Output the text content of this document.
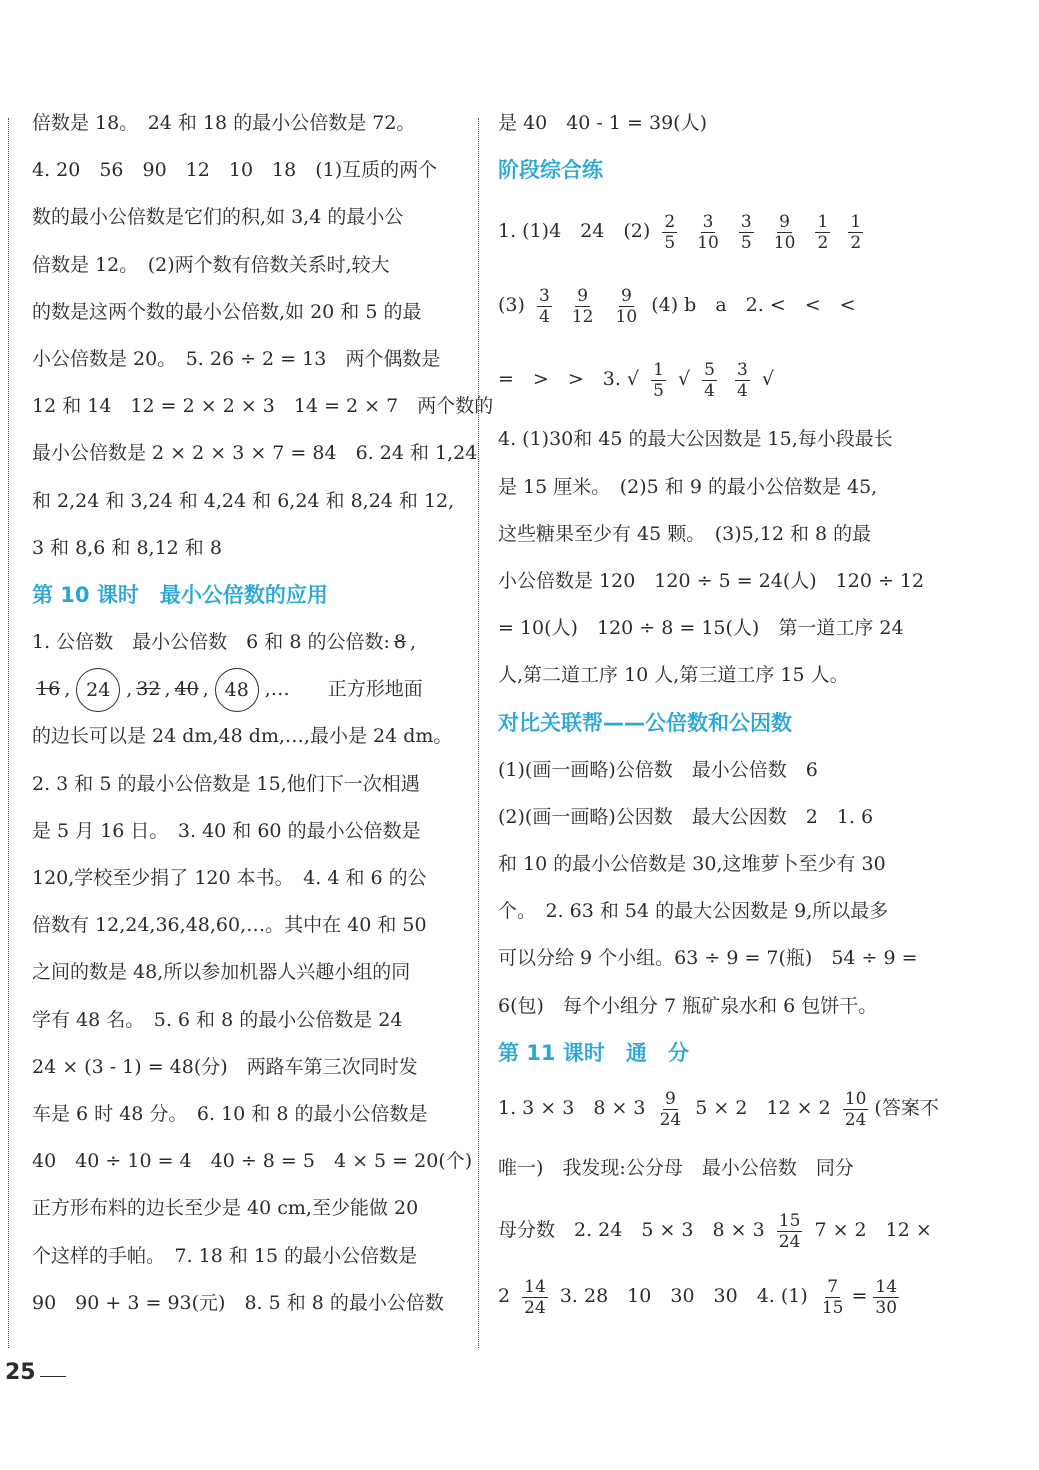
倍数是 18。　24 和 18 的最小公倍数是 72。
4. 20　56　90　12　10　18　(1)互质的两个
数的最小公倍数是它们的积,如 3,4 的最小公
倍数是 12。　(2)两个数有倍数关系时,较大
的数是这两个数的最小公倍数,如 20 和 5 的最
小公倍数是 20。　5. 26 ÷ 2 = 13　两个偶数是
12 和 14　12 = 2 × 2 × 3　14 = 2 × 7　两个数的
最小公倍数是 2 × 2 × 3 × 7 = 84　6. 24 和 1,24
和 2,24 和 3,24 和 4,24 和 6,24 和 8,24 和 12,
3 和 8,6 和 8,12 和 8
第 10 课时　最小公倍数的应用
1. 公倍数　最小公倍数　6 和 8 的公倍数: 8 ,
16 , 24 , 32 , 40 , 48 ,…　　正方形地面
的边长可以是 24 dm,48 dm,…,最小是 24 dm。
2. 3 和 5 的最小公倍数是 15,他们下一次相遇
是 5 月 16 日。　3. 40 和 60 的最小公倍数是
120,学校至少捐了 120 本书。　4. 4 和 6 的公
倍数有 12,24,36,48,60,…。其中在 40 和 50
之间的数是 48,所以参加机器人兴趣小组的同
学有 48 名。　5. 6 和 8 的最小公倍数是 24
24 × (3 - 1) = 48(分)　两路车第三次同时发
车是 6 时 48 分。　6. 10 和 8 的最小公倍数是
40　40 ÷ 10 = 4　40 ÷ 8 = 5　4 × 5 = 20(个)
正方形布料的边长至少是 40 cm,至少能做 20
个这样的手帕。　7. 18 和 15 的最小公倍数是
90　90 + 3 = 93(元)　8. 5 和 8 的最小公倍数
是 40　40 - 1 = 39(人)
阶段综合练
1. (1)4　24　$(2) \frac{2}{5}$
$\frac{3}{10}$
$\frac{3}{5}$
$\frac{9}{10}$
$\frac{1}{2}$
$\frac{1}{2}$
$(3) \frac{3}{4}$
$\frac{9}{12}$
$\frac{9}{10} (4)$ b　a　2. <　<　<
=　>　>　3. √ $\frac{1}{5}$ √ $\frac{5}{4}$
$\frac{3}{4}$ √
4. (1)30和 45 的最大公因数是 15,每小段最长
是 15 厘米。　(2)5 和 9 的最小公倍数是 45,
这些糖果至少有 45 颗。　(3)5,12 和 8 的最
小公倍数是 120　120 ÷ 5 = 24(人)　120 ÷ 12
= 10(人)　120 ÷ 8 = 15(人)　第一道工序 24
人,第二道工序 10 人,第三道工序 15 人。
对比关联帮——公倍数和公因数
(1)(画一画略)公倍数　最小公倍数　6
(2)(画一画略)公因数　最大公因数　2　1. 6
和 10 的最小公倍数是 30,这堆萝卜至少有 30
个。　2. 63 和 54 的最大公因数是 9,所以最多
可以分给 9 个小组。63 ÷ 9 = 7(瓶)　54 ÷ 9 =
6(包)　每个小组分 7 瓶矿泉水和 6 包饼干。
第 11 课时　通　分
1. 3 × 3　$8 \times 3 \frac{9}{24} 5 \times 2$　$12 \times 2 \frac{10}{24}$ (答案不
唯一)　我发现:公分母　最小公倍数　同分
母分数　2. 24　5 × 3　$8 \times 3 \frac{15}{24} 7 \times 2$　12 ×
$2 \frac{14}{24} 3$. 28　10　30　30　4. $(1) \frac{7}{15} = \frac{14}{30}$
25
